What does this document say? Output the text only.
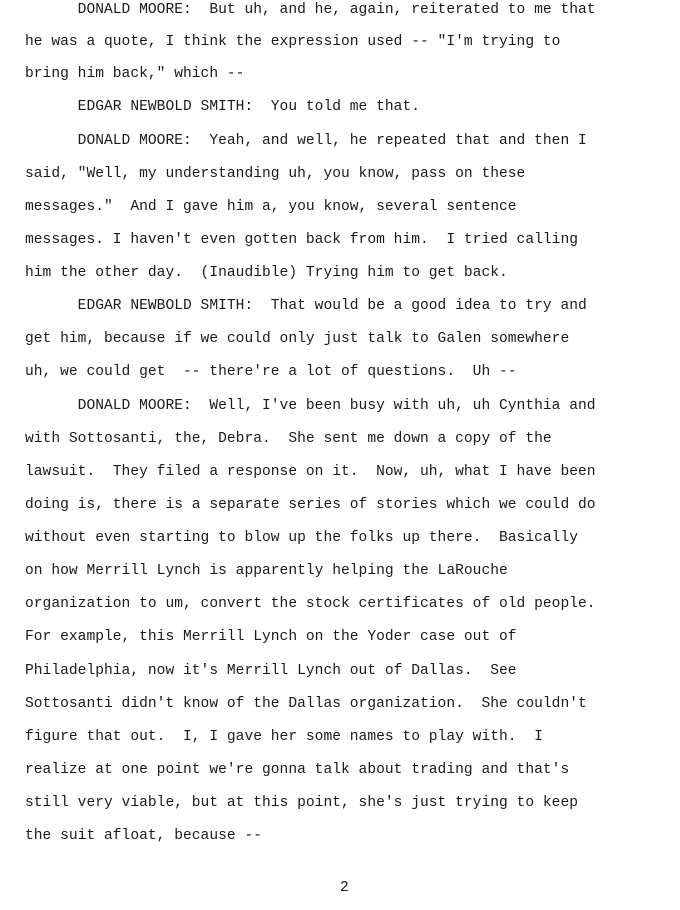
DONALD MOORE:  But uh, and he, again, reiterated to me that
he was a quote, I think the expression used -- "I'm trying to
bring him back," which --
EDGAR NEWBOLD SMITH:  You told me that.
DONALD MOORE:  Yeah, and well, he repeated that and then I
said, "Well, my understanding uh, you know, pass on these
messages."  And I gave him a, you know, several sentence
messages. I haven't even gotten back from him.  I tried calling
him the other day.  (Inaudible) Trying him to get back.
EDGAR NEWBOLD SMITH:  That would be a good idea to try and
get him, because if we could only just talk to Galen somewhere
uh, we could get  -- there're a lot of questions.  Uh --
DONALD MOORE:  Well, I've been busy with uh, uh Cynthia and
with Sottosanti, the, Debra.  She sent me down a copy of the
lawsuit.  They filed a response on it.  Now, uh, what I have been
doing is, there is a separate series of stories which we could do
without even starting to blow up the folks up there.  Basically
on how Merrill Lynch is apparently helping the LaRouche
organization to um, convert the stock certificates of old people.
For example, this Merrill Lynch on the Yoder case out of
Philadelphia, now it's Merrill Lynch out of Dallas.  See
Sottosanti didn't know of the Dallas organization.  She couldn't
figure that out.  I, I gave her some names to play with.  I
realize at one point we're gonna talk about trading and that's
still very viable, but at this point, she's just trying to keep
the suit afloat, because --
2
